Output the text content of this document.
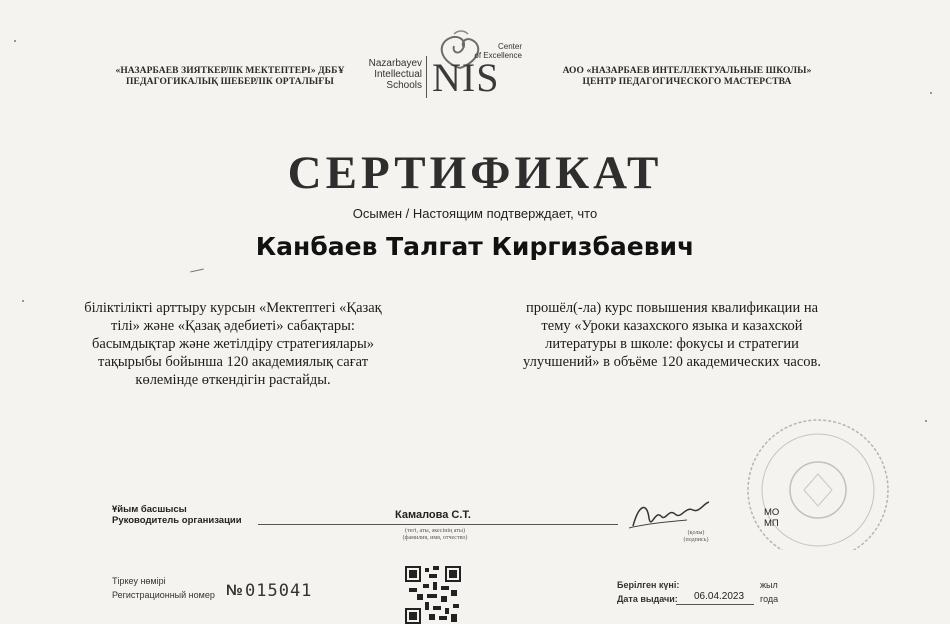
«НАЗАРБАЕВ ЗИЯТКЕРЛІК МЕКТЕПТЕРІ» ДББҰ
ПЕДАГОГИКАЛЫҚ ШЕБЕРЛІК ОРТАЛЫҒЫ
Nazarbayev
Intellectual
Schools NIS
Center
of Excellence
АОО «НАЗАРБАЕВ ИНТЕЛЛЕКТУАЛЬНЫЕ ШКОЛЫ»
ЦЕНТР ПЕДАГОГИЧЕСКОГО МАСТЕРСТВА
СЕРТИФИКАТ
Осымен / Настоящим подтверждает, что
Канбаев Талгат Киргизбаевич
біліктілікті арттыру курсын «Мектептегі «Қазақ
тілі» және «Қазақ әдебиеті» сабақтары:
басымдықтар және жетілдіру стратегиялары»
тақырыбы бойынша 120 академиялық сағат
көлемінде өткендігін растайды.
прошёл(-ла) курс повышения квалификации на
тему «Уроки казахского языка и казахской
литературы в школе: фокусы и стратегии
улучшений» в объёме 120 академических часов.
Ұйым басшысы
Руководитель организации	Камалова С.Т.
(тегі, аты, әкесінің аты)
(фамилия, имя, отчество)
(қолы)
(подпись)
МО
МП
Тіркеу нөмірі
Регистрационный номер № 015041	Берілген күні:
Дата выдачи: 06.04.2023
жыл
года
